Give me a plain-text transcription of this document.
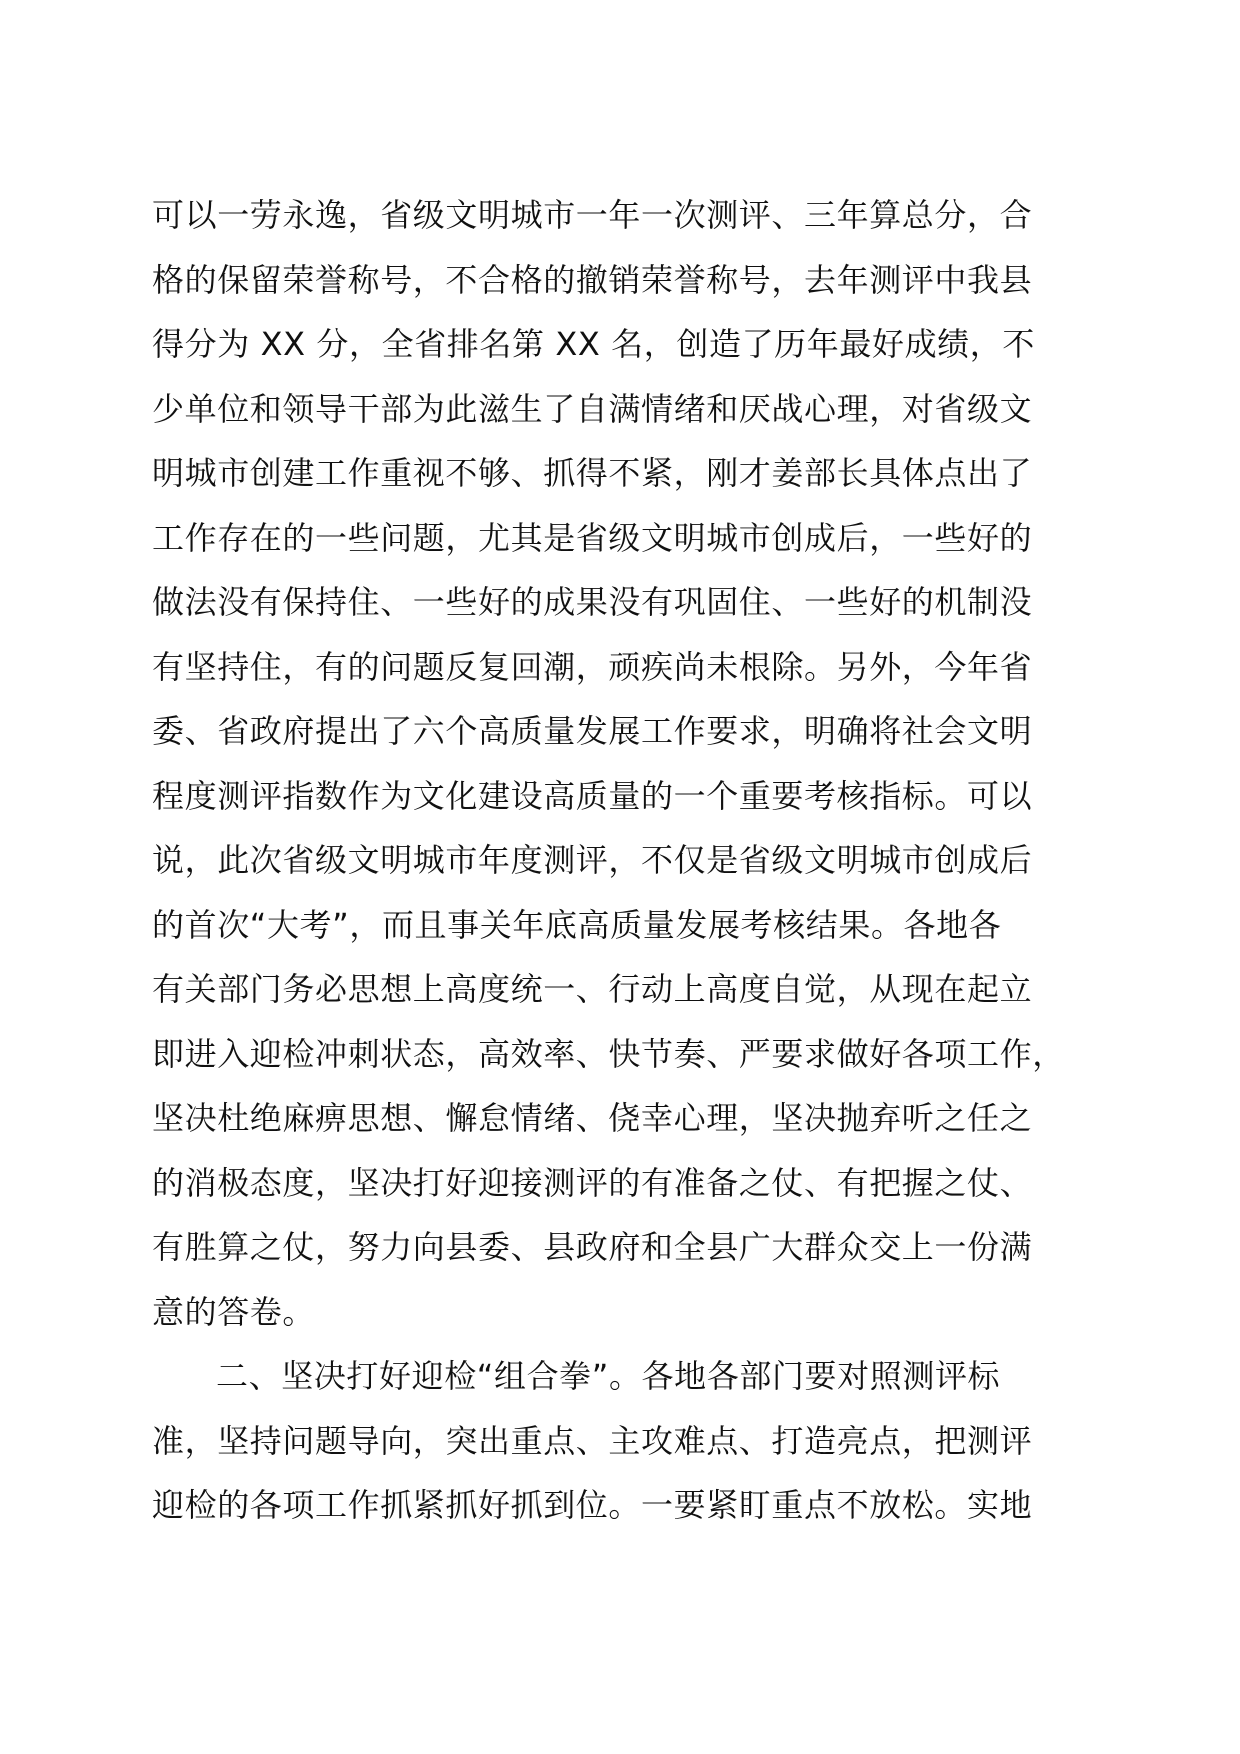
可以一劳永逸，省级文明城市一年一次测评、三年算总分，合
格的保留荣誉称号，不合格的撤销荣誉称号，去年测评中我县
得分为 XX 分，全省排名第 XX 名，创造了历年最好成绩，不
少单位和领导干部为此滋生了自满情绪和厌战心理，对省级文
明城市创建工作重视不够、抓得不紧，刚才姜部长具体点出了
工作存在的一些问题，尤其是省级文明城市创成后，一些好的
做法没有保持住、一些好的成果没有巩固住、一些好的机制没
有坚持住，有的问题反复回潮，顽疾尚未根除。另外，今年省
委、省政府提出了六个高质量发展工作要求，明确将社会文明
程度测评指数作为文化建设高质量的一个重要考核指标。可以
说，此次省级文明城市年度测评，不仅是省级文明城市创成后
的首次“大考”，而且事关年底高质量发展考核结果。各地各
有关部门务必思想上高度统一、行动上高度自觉，从现在起立
即进入迎检冲刺状态，高效率、快节奏、严要求做好各项工作，
坚决杜绝麻痹思想、懈怠情绪、侥幸心理，坚决抛弃听之任之
的消极态度，坚决打好迎接测评的有准备之仗、有把握之仗、
有胜算之仗，努力向县委、县政府和全县广大群众交上一份满
意的答卷。
二、坚决打好迎检“组合拳”。各地各部门要对照测评标
准，坚持问题导向，突出重点、主攻难点、打造亮点，把测评
迎检的各项工作抓紧抓好抓到位。一要紧盯重点不放松。实地
